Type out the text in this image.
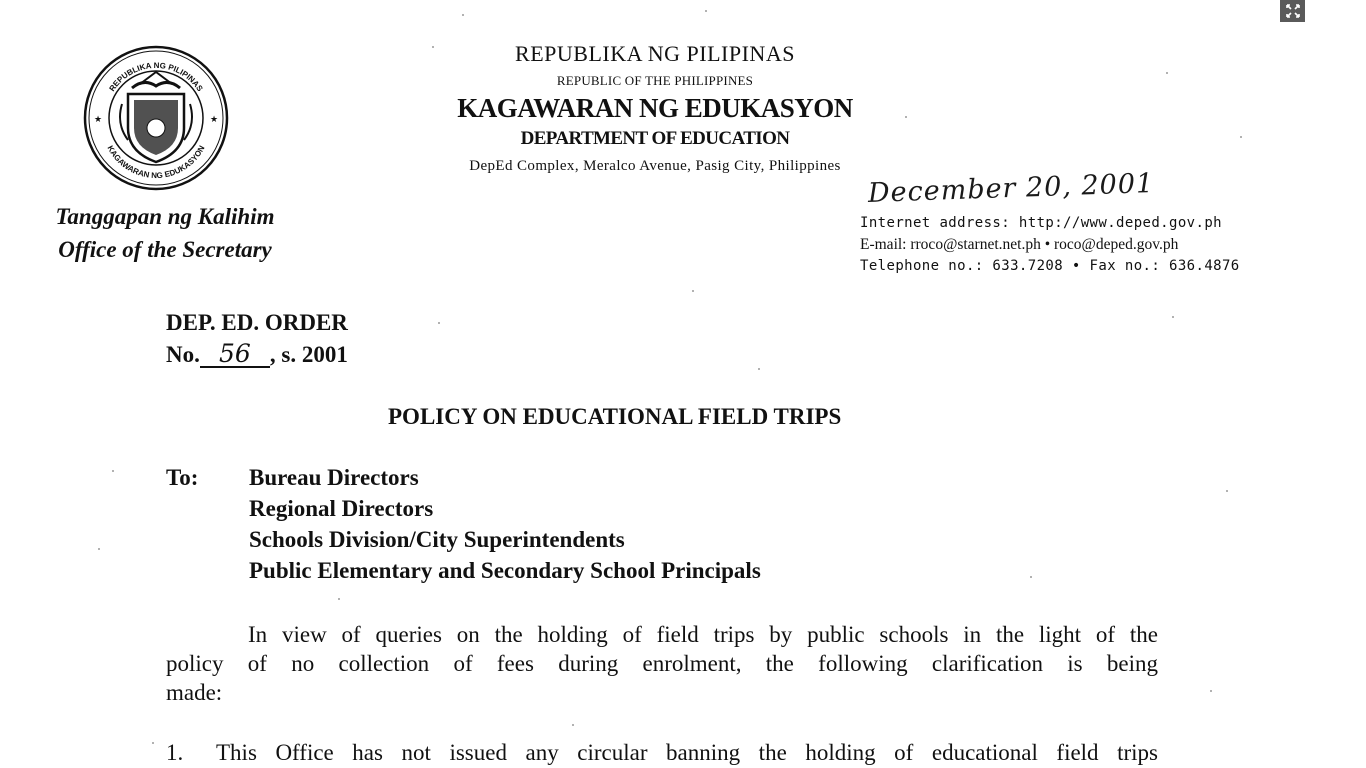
REPUBLIKA NG PILIPINAS
KAGAWARAN NG EDUKASYON
★	★
REPUBLIKA NG PILIPINAS
REPUBLIC OF THE PHILIPPINES
KAGAWARAN NG EDUKASYON
DEPARTMENT OF EDUCATION
DepEd Complex, Meralco Avenue, Pasig City, Philippines
Tanggapan ng Kalihim
Office of the Secretary
December 20, 2001
Internet address: http://www.deped.gov.ph
E-mail: rroco@starnet.net.ph • roco@deped.gov.ph
Telephone no.: 633.7208 • Fax no.: 636.4876
DEP. ED. ORDER
No. 56 , s. 2001
POLICY ON EDUCATIONAL FIELD TRIPS
To: Bureau Directors
Regional Directors
Schools Division/City Superintendents
Public Elementary and Secondary School Principals
In view of queries on the holding of field trips by public schools in the light of the
policy of no collection of fees during enrolment, the following clarification is being
made:
1. This Office has not issued any circular banning the holding of educational field trips
